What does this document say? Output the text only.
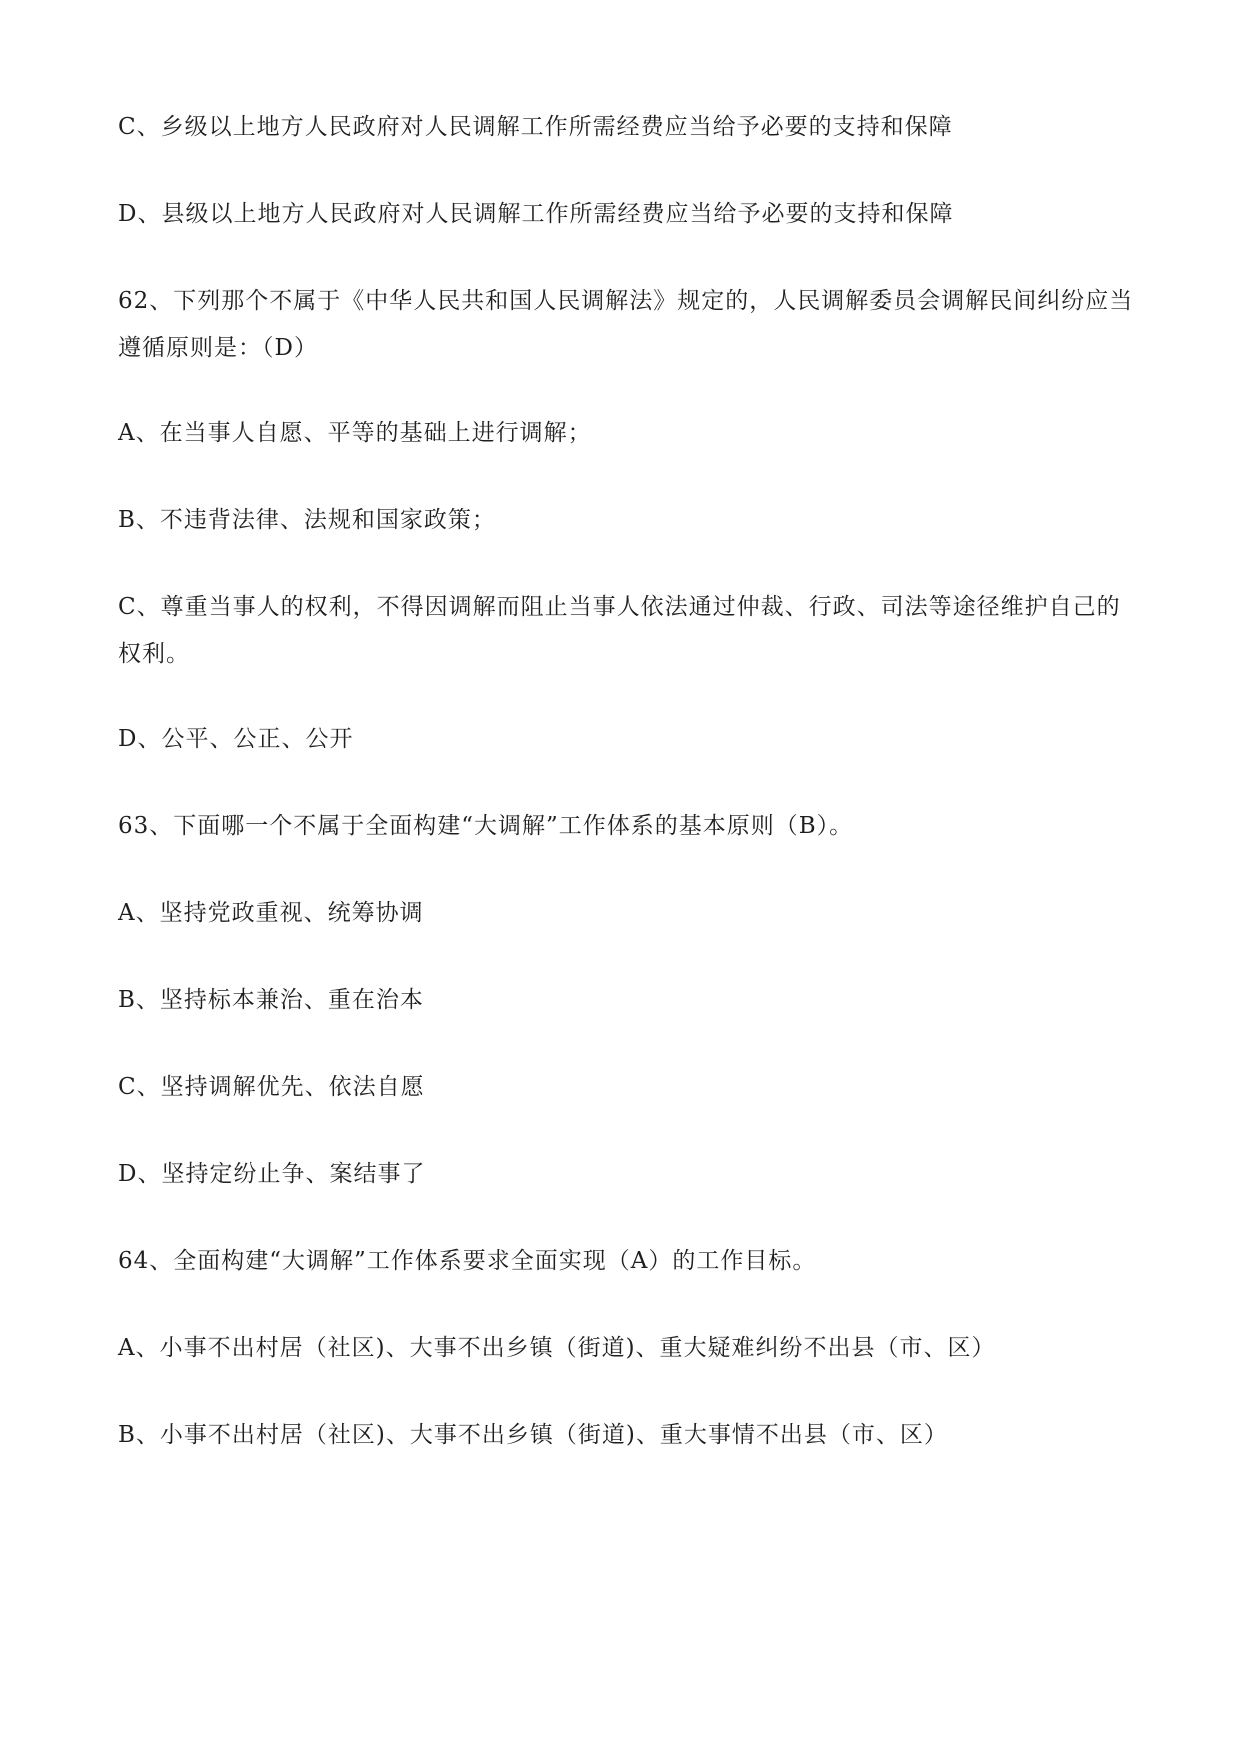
C、乡级以上地方人民政府对人民调解工作所需经费应当给予必要的支持和保障

D、县级以上地方人民政府对人民调解工作所需经费应当给予必要的支持和保障

62、下列那个不属于《中华人民共和国人民调解法》规定的，人民调解委员会调解民间纠纷应当遵循原则是：（D）

A、在当事人自愿、平等的基础上进行调解；

B、不违背法律、法规和国家政策；

C、尊重当事人的权利，不得因调解而阻止当事人依法通过仲裁、行政、司法等途径维护自己的权利。

D、公平、公正、公开

63、下面哪一个不属于全面构建“大调解”工作体系的基本原则（B）。

A、坚持党政重视、统筹协调

B、坚持标本兼治、重在治本

C、坚持调解优先、依法自愿

D、坚持定纷止争、案结事了

64、全面构建“大调解”工作体系要求全面实现（A）的工作目标。

A、小事不出村居（社区)、大事不出乡镇（街道)、重大疑难纠纷不出县（市、区）

B、小事不出村居（社区)、大事不出乡镇（街道)、重大事情不出县（市、区）
